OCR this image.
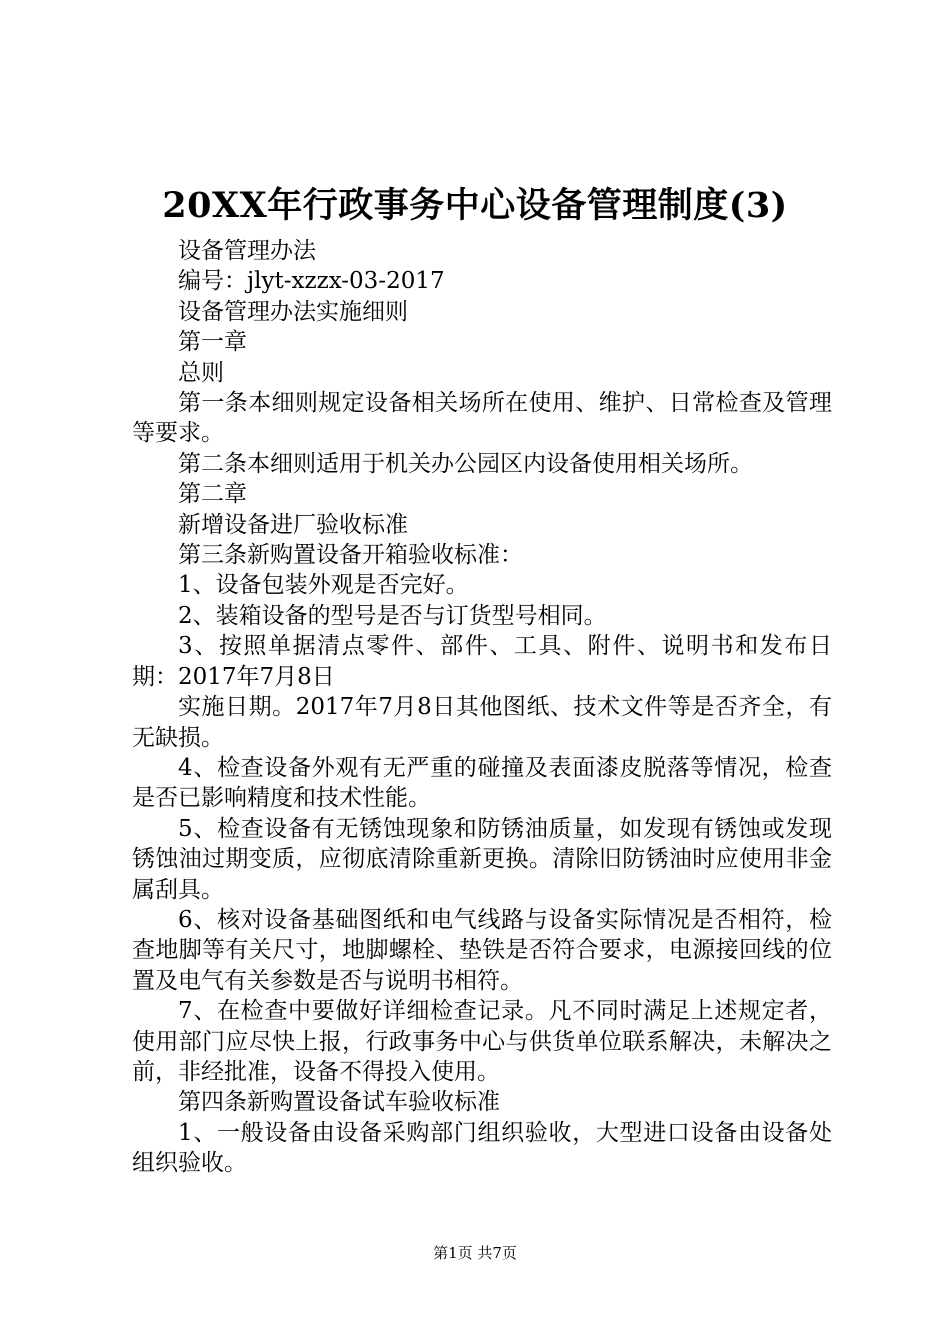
20XX年行政事务中心设备管理制度(3)

设备管理办法

编号：jlyt-xzzx-03-2017

设备管理办法实施细则

第一章

总则

第一条本细则规定设备相关场所在使用、维护、日常检查及管理等要求。

第二条本细则适用于机关办公园区内设备使用相关场所。

第二章

新增设备进厂验收标准

第三条新购置设备开箱验收标准：

1、设备包装外观是否完好。

2、装箱设备的型号是否与订货型号相同。

3、按照单据清点零件、部件、工具、附件、说明书和发布日期：2017年7月8日

实施日期。2017年7月8日其他图纸、技术文件等是否齐全，有无缺损。

4、检查设备外观有无严重的碰撞及表面漆皮脱落等情况，检查是否已影响精度和技术性能。

5、检查设备有无锈蚀现象和防锈油质量，如发现有锈蚀或发现锈蚀油过期变质，应彻底清除重新更换。清除旧防锈油时应使用非金属刮具。

6、核对设备基础图纸和电气线路与设备实际情况是否相符，检查地脚等有关尺寸，地脚螺栓、垫铁是否符合要求，电源接回线的位置及电气有关参数是否与说明书相符。

7、在检查中要做好详细检查记录。凡不同时满足上述规定者，使用部门应尽快上报，行政事务中心与供货单位联系解决，未解决之前，非经批准，设备不得投入使用。

第四条新购置设备试车验收标准

1、一般设备由设备采购部门组织验收，大型进口设备由设备处组织验收。

第1页 共7页
